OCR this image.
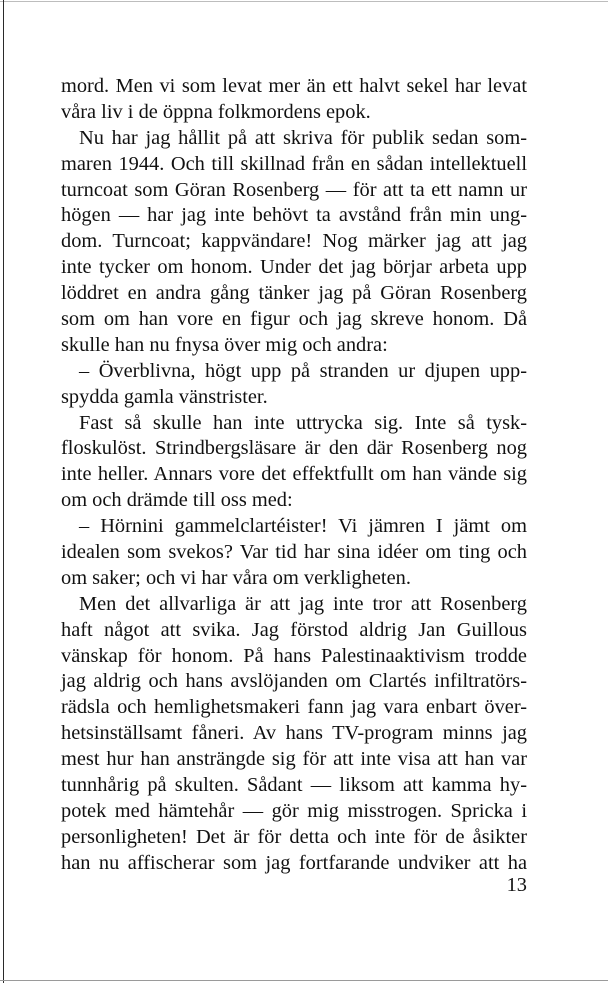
mord. Men vi som levat mer än ett halvt sekel har levat
våra liv i de öppna folkmordens epok.
Nu har jag hållit på att skriva för publik sedan som-
maren 1944. Och till skillnad från en sådan intellektuell
turncoat som Göran Rosenberg — för att ta ett namn ur
högen — har jag inte behövt ta avstånd från min ung-
dom. Turncoat; kappvändare! Nog märker jag att jag
inte tycker om honom. Under det jag börjar arbeta upp
löddret en andra gång tänker jag på Göran Rosenberg
som om han vore en figur och jag skreve honom. Då
skulle han nu fnysa över mig och andra:
– Överblivna, högt upp på stranden ur djupen upp-
spydda gamla vänstrister.
Fast så skulle han inte uttrycka sig. Inte så tysk-
floskulöst. Strindbergsläsare är den där Rosenberg nog
inte heller. Annars vore det effektfullt om han vände sig
om och drämde till oss med:
– Hörnini gammelclartéister! Vi jämren I jämt om
idealen som svekos? Var tid har sina idéer om ting och
om saker; och vi har våra om verkligheten.
Men det allvarliga är att jag inte tror att Rosenberg
haft något att svika. Jag förstod aldrig Jan Guillous
vänskap för honom. På hans Palestinaaktivism trodde
jag aldrig och hans avslöjanden om Clartés infiltratörs-
rädsla och hemlighetsmakeri fann jag vara enbart över-
hetsinställsamt fåneri. Av hans TV-program minns jag
mest hur han ansträngde sig för att inte visa att han var
tunnhårig på skulten. Sådant — liksom att kamma hy-
potek med hämtehår — gör mig misstrogen. Spricka i
personligheten! Det är för detta och inte för de åsikter
han nu affischerar som jag fortfarande undviker att ha
13
